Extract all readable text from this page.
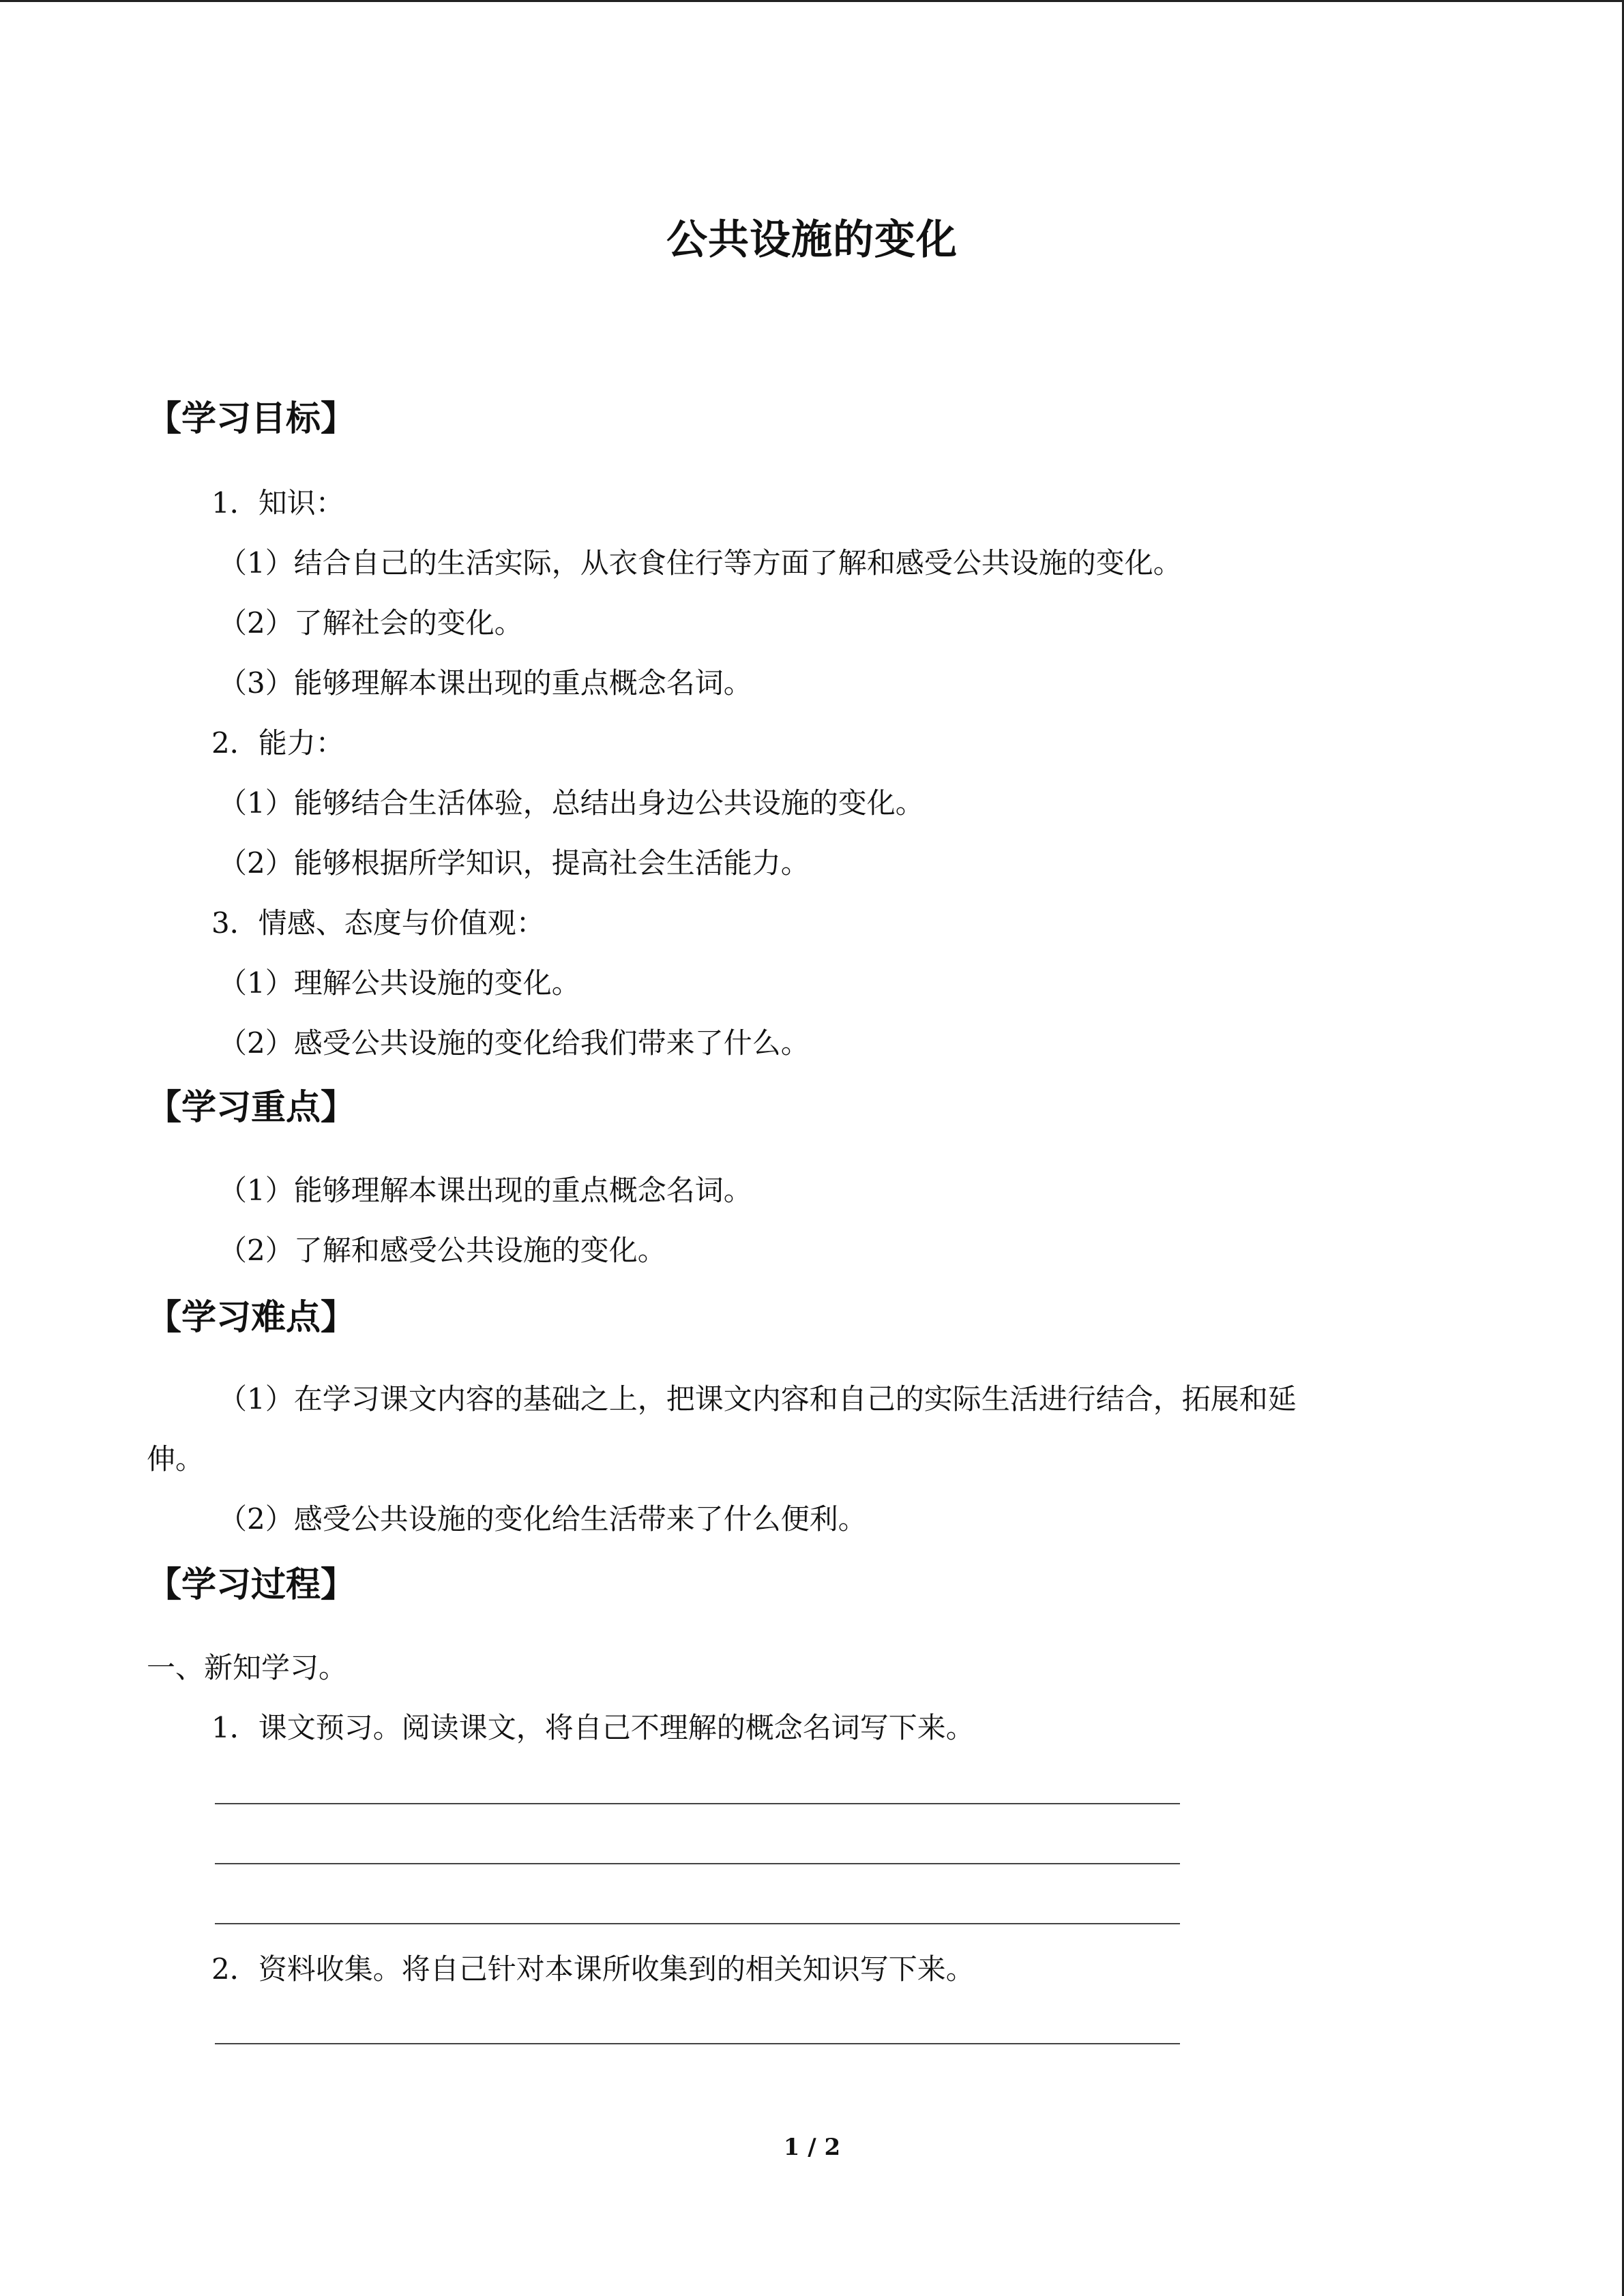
公共设施的变化
【学习目标】
1．知识：
（1）结合自己的生活实际，从衣食住行等方面了解和感受公共设施的变化。
（2）了解社会的变化。
（3）能够理解本课出现的重点概念名词。
2．能力：
（1）能够结合生活体验，总结出身边公共设施的变化。
（2）能够根据所学知识，提高社会生活能力。
3．情感、态度与价值观：
（1）理解公共设施的变化。
（2）感受公共设施的变化给我们带来了什么。
【学习重点】
（1）能够理解本课出现的重点概念名词。
（2）了解和感受公共设施的变化。
【学习难点】
（1）在学习课文内容的基础之上，把课文内容和自己的实际生活进行结合，拓展和延
伸。
（2）感受公共设施的变化给生活带来了什么便利。
【学习过程】
一、新知学习。
1．课文预习。阅读课文，将自己不理解的概念名词写下来。
2．资料收集。将自己针对本课所收集到的相关知识写下来。
1 / 2
